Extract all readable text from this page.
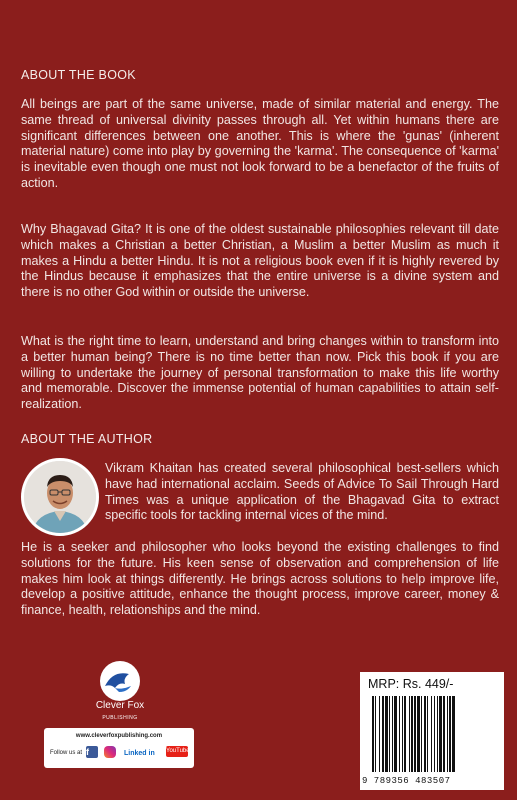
ABOUT THE BOOK
All beings are part of the same universe, made of similar material and energy. The same thread of universal divinity passes through all. Yet within humans there are significant differences between one another. This is where the 'gunas' (inherent material nature) come into play by governing the 'karma'. The consequence of 'karma' is inevitable even though one must not look forward to be a benefactor of the fruits of action.
Why Bhagavad Gita? It is one of the oldest sustainable philosophies relevant till date which makes a Christian a better Christian, a Muslim a better Muslim as much it makes a Hindu a better Hindu. It is not a religious book even if it is highly revered by the Hindus because it emphasizes that the entire universe is a divine system and there is no other God within or outside the universe.
What is the right time to learn, understand and bring changes within to transform into a better human being? There is no time better than now. Pick this book if you are willing to undertake the journey of personal transformation to make this life worthy and memorable. Discover the immense potential of human capabilities to attain self-realization.
ABOUT THE AUTHOR
Vikram Khaitan has created several philosophical best-sellers which have had international acclaim. Seeds of Advice To Sail Through Hard Times was a unique application of the Bhagavad Gita to extract specific tools for tackling internal vices of the mind.
He is a seeker and philosopher who looks beyond the existing challenges to find solutions for the future. His keen sense of observation and comprehension of life makes him look at things differently. He brings across solutions to help improve life, develop a positive attitude, enhance the thought process, improve career, money & finance, health, relationships and the mind.
Clever Fox
PUBLISHING
www.cleverfoxpublishing.com
Follow us at f	Linked in YouTube
MRP: Rs. 449/-
9 789356 483507
